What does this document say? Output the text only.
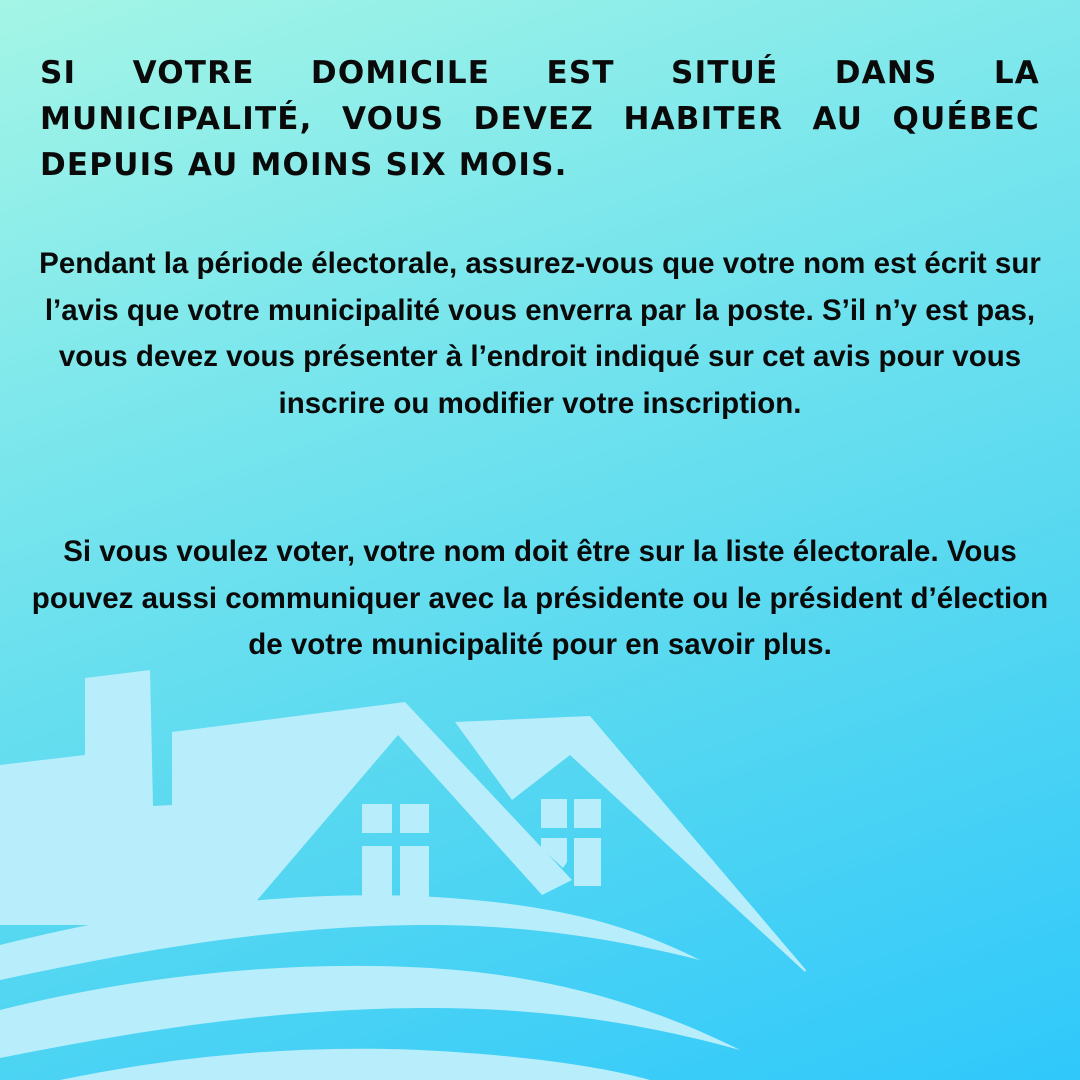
SI VOTRE DOMICILE EST SITUÉ DANS LA MUNICIPALITÉ, VOUS DEVEZ HABITER AU QUÉBEC DEPUIS AU MOINS SIX MOIS.

Pendant la période électorale, assurez-vous que votre nom est écrit sur l’avis que votre municipalité vous enverra par la poste. S’il n’y est pas, vous devez vous présenter à l’endroit indiqué sur cet avis pour vous inscrire ou modifier votre inscription.

Si vous voulez voter, votre nom doit être sur la liste électorale. Vous pouvez aussi communiquer avec la présidente ou le président d’élection de votre municipalité pour en savoir plus.
